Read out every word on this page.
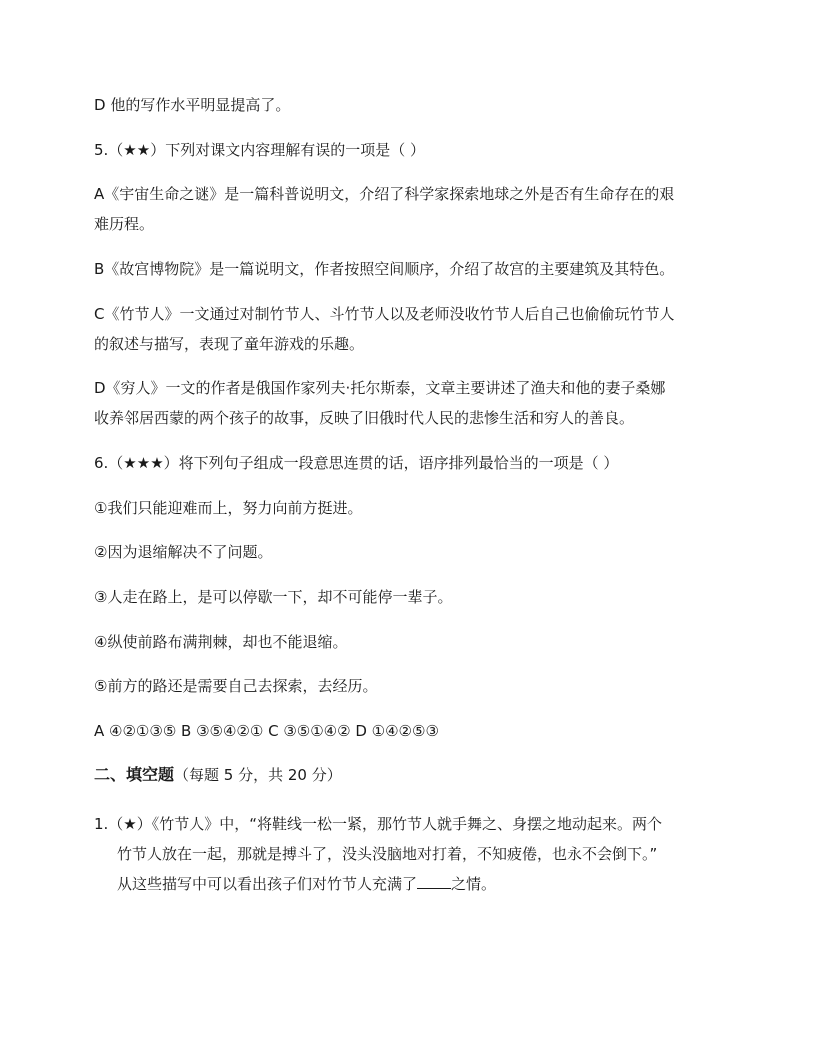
D 他的写作水平明显提高了。
5.（★★）下列对课文内容理解有误的一项是（ ）
A《宇宙生命之谜》是一篇科普说明文，介绍了科学家探索地球之外是否有生命存在的艰
难历程。
B《故宫博物院》是一篇说明文，作者按照空间顺序，介绍了故宫的主要建筑及其特色。
C《竹节人》一文通过对制竹节人、斗竹节人以及老师没收竹节人后自己也偷偷玩竹节人
的叙述与描写，表现了童年游戏的乐趣。
D《穷人》一文的作者是俄国作家列夫·托尔斯泰，文章主要讲述了渔夫和他的妻子桑娜
收养邻居西蒙的两个孩子的故事，反映了旧俄时代人民的悲惨生活和穷人的善良。
6.（★★★）将下列句子组成一段意思连贯的话，语序排列最恰当的一项是（ ）
①我们只能迎难而上，努力向前方挺进。
②因为退缩解决不了问题。
③人走在路上，是可以停歇一下，却不可能停一辈子。
④纵使前路布满荆棘，却也不能退缩。
⑤前方的路还是需要自己去探索，去经历。
A ④②①③⑤ B ③⑤④②① C ③⑤①④② D ①④②⑤③
二、填空题（每题 5 分，共 20 分）
1.（★）《竹节人》中，“将鞋线一松一紧，那竹节人就手舞之、身摆之地动起来。两个
竹节人放在一起，那就是搏斗了，没头没脑地对打着，不知疲倦，也永不会倒下。”
从这些描写中可以看出孩子们对竹节人充满了 之情。
